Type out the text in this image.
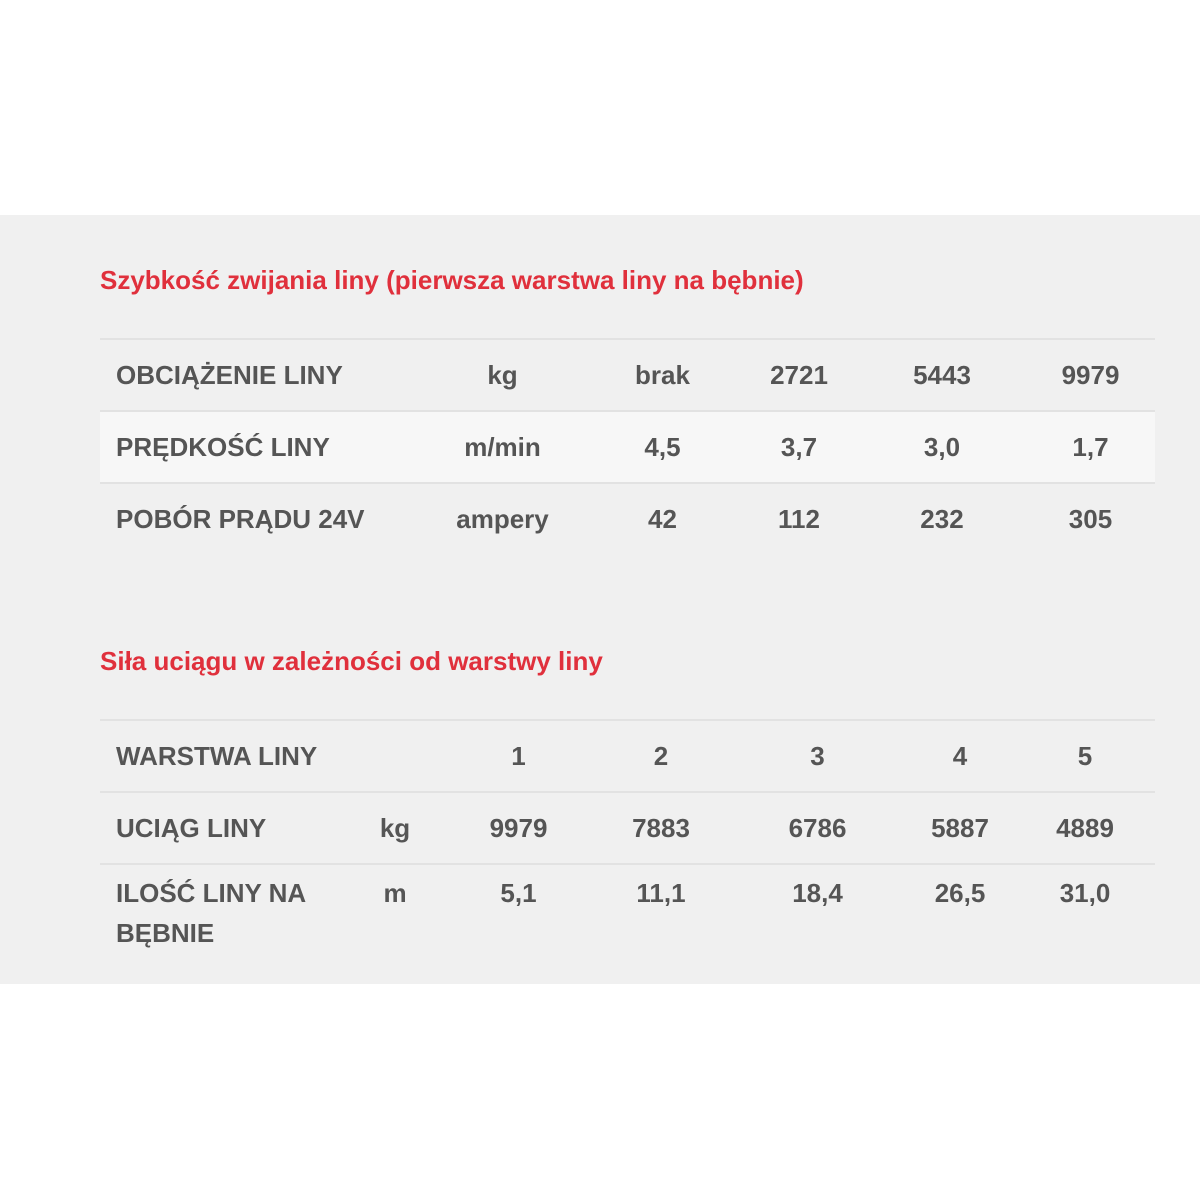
Szybkość zwijania liny (pierwsza warstwa liny na bębnie)
OBCIĄŻENIE LINY	kg	brak	2721	5443	9979
PRĘDKOŚĆ LINY	m/min	4,5	3,7	3,0	1,7
POBÓR PRĄDU 24V	ampery	42	112	232	305
Siła uciągu w zależności od warstwy liny
WARSTWA LINY		1	2	3	4	5
UCIĄG LINY	kg	9979	7883	6786	5887	4889
ILOŚĆ LINY NA BĘBNIE	m	5,1	11,1	18,4	26,5	31,0
